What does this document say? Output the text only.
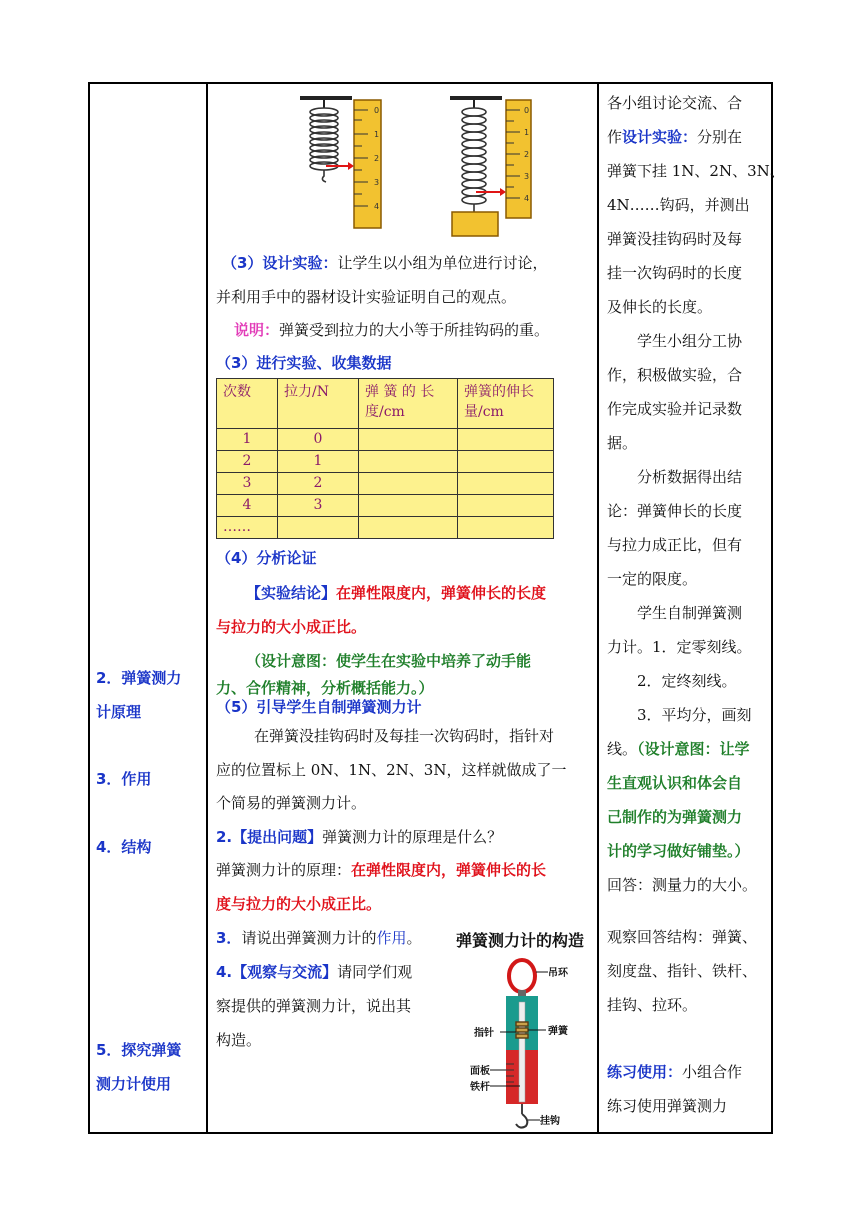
2．弹簧测力
计原理
3．作用
4．结构
5．探究弹簧
测力计使用
0
1
2
3
4
0
1
2
3
4
（3）设计实验：让学生以小组为单位进行讨论，
并利用手中的器材设计实验证明自己的观点。
说明：弹簧受到拉力的大小等于所挂钩码的重。
（3）进行实验、收集数据
次数	拉力/N	弹 簧 的 长 度/cm	弹簧的伸长量/cm
1	0		
2	1		
3	2		
4	3		
……			
（4）分析论证
【实验结论】在弹性限度内，弹簧伸长的长度
与拉力的大小成正比。
（设计意图：使学生在实验中培养了动手能
力、合作精神，分析概括能力。）
（5）引导学生自制弹簧测力计
在弹簧没挂钩码时及每挂一次钩码时，指针对
应的位置标上 0N、1N、2N、3N，这样就做成了一
个简易的弹簧测力计。
2.【提出问题】弹簧测力计的原理是什么？
弹簧测力计的原理：在弹性限度内，弹簧伸长的长
度与拉力的大小成正比。
3．请说出弹簧测力计的作用。
4.【观察与交流】请同学们观
察提供的弹簧测力计，说出其
构造。
弹簧测力计的构造
吊环
指针	弹簧
面板
铁杆
挂钩
各小组讨论交流、合
作设计实验：分别在
弹簧下挂 1N、2N、3N、
4N……钩码，并测出
弹簧没挂钩码时及每
挂一次钩码时的长度
及伸长的长度。
学生小组分工协
作，积极做实验，合
作完成实验并记录数
据。
分析数据得出结
论：弹簧伸长的长度
与拉力成正比，但有
一定的限度。
学生自制弹簧测
力计。1．定零刻线。
2．定终刻线。
3．平均分，画刻
线。（设计意图：让学
生直观认识和体会自
己制作的为弹簧测力
计的学习做好铺垫。）
回答：测量力的大小。
观察回答结构：弹簧、
刻度盘、指针、铁杆、
挂钩、拉环。
练习使用：小组合作
练习使用弹簧测力
